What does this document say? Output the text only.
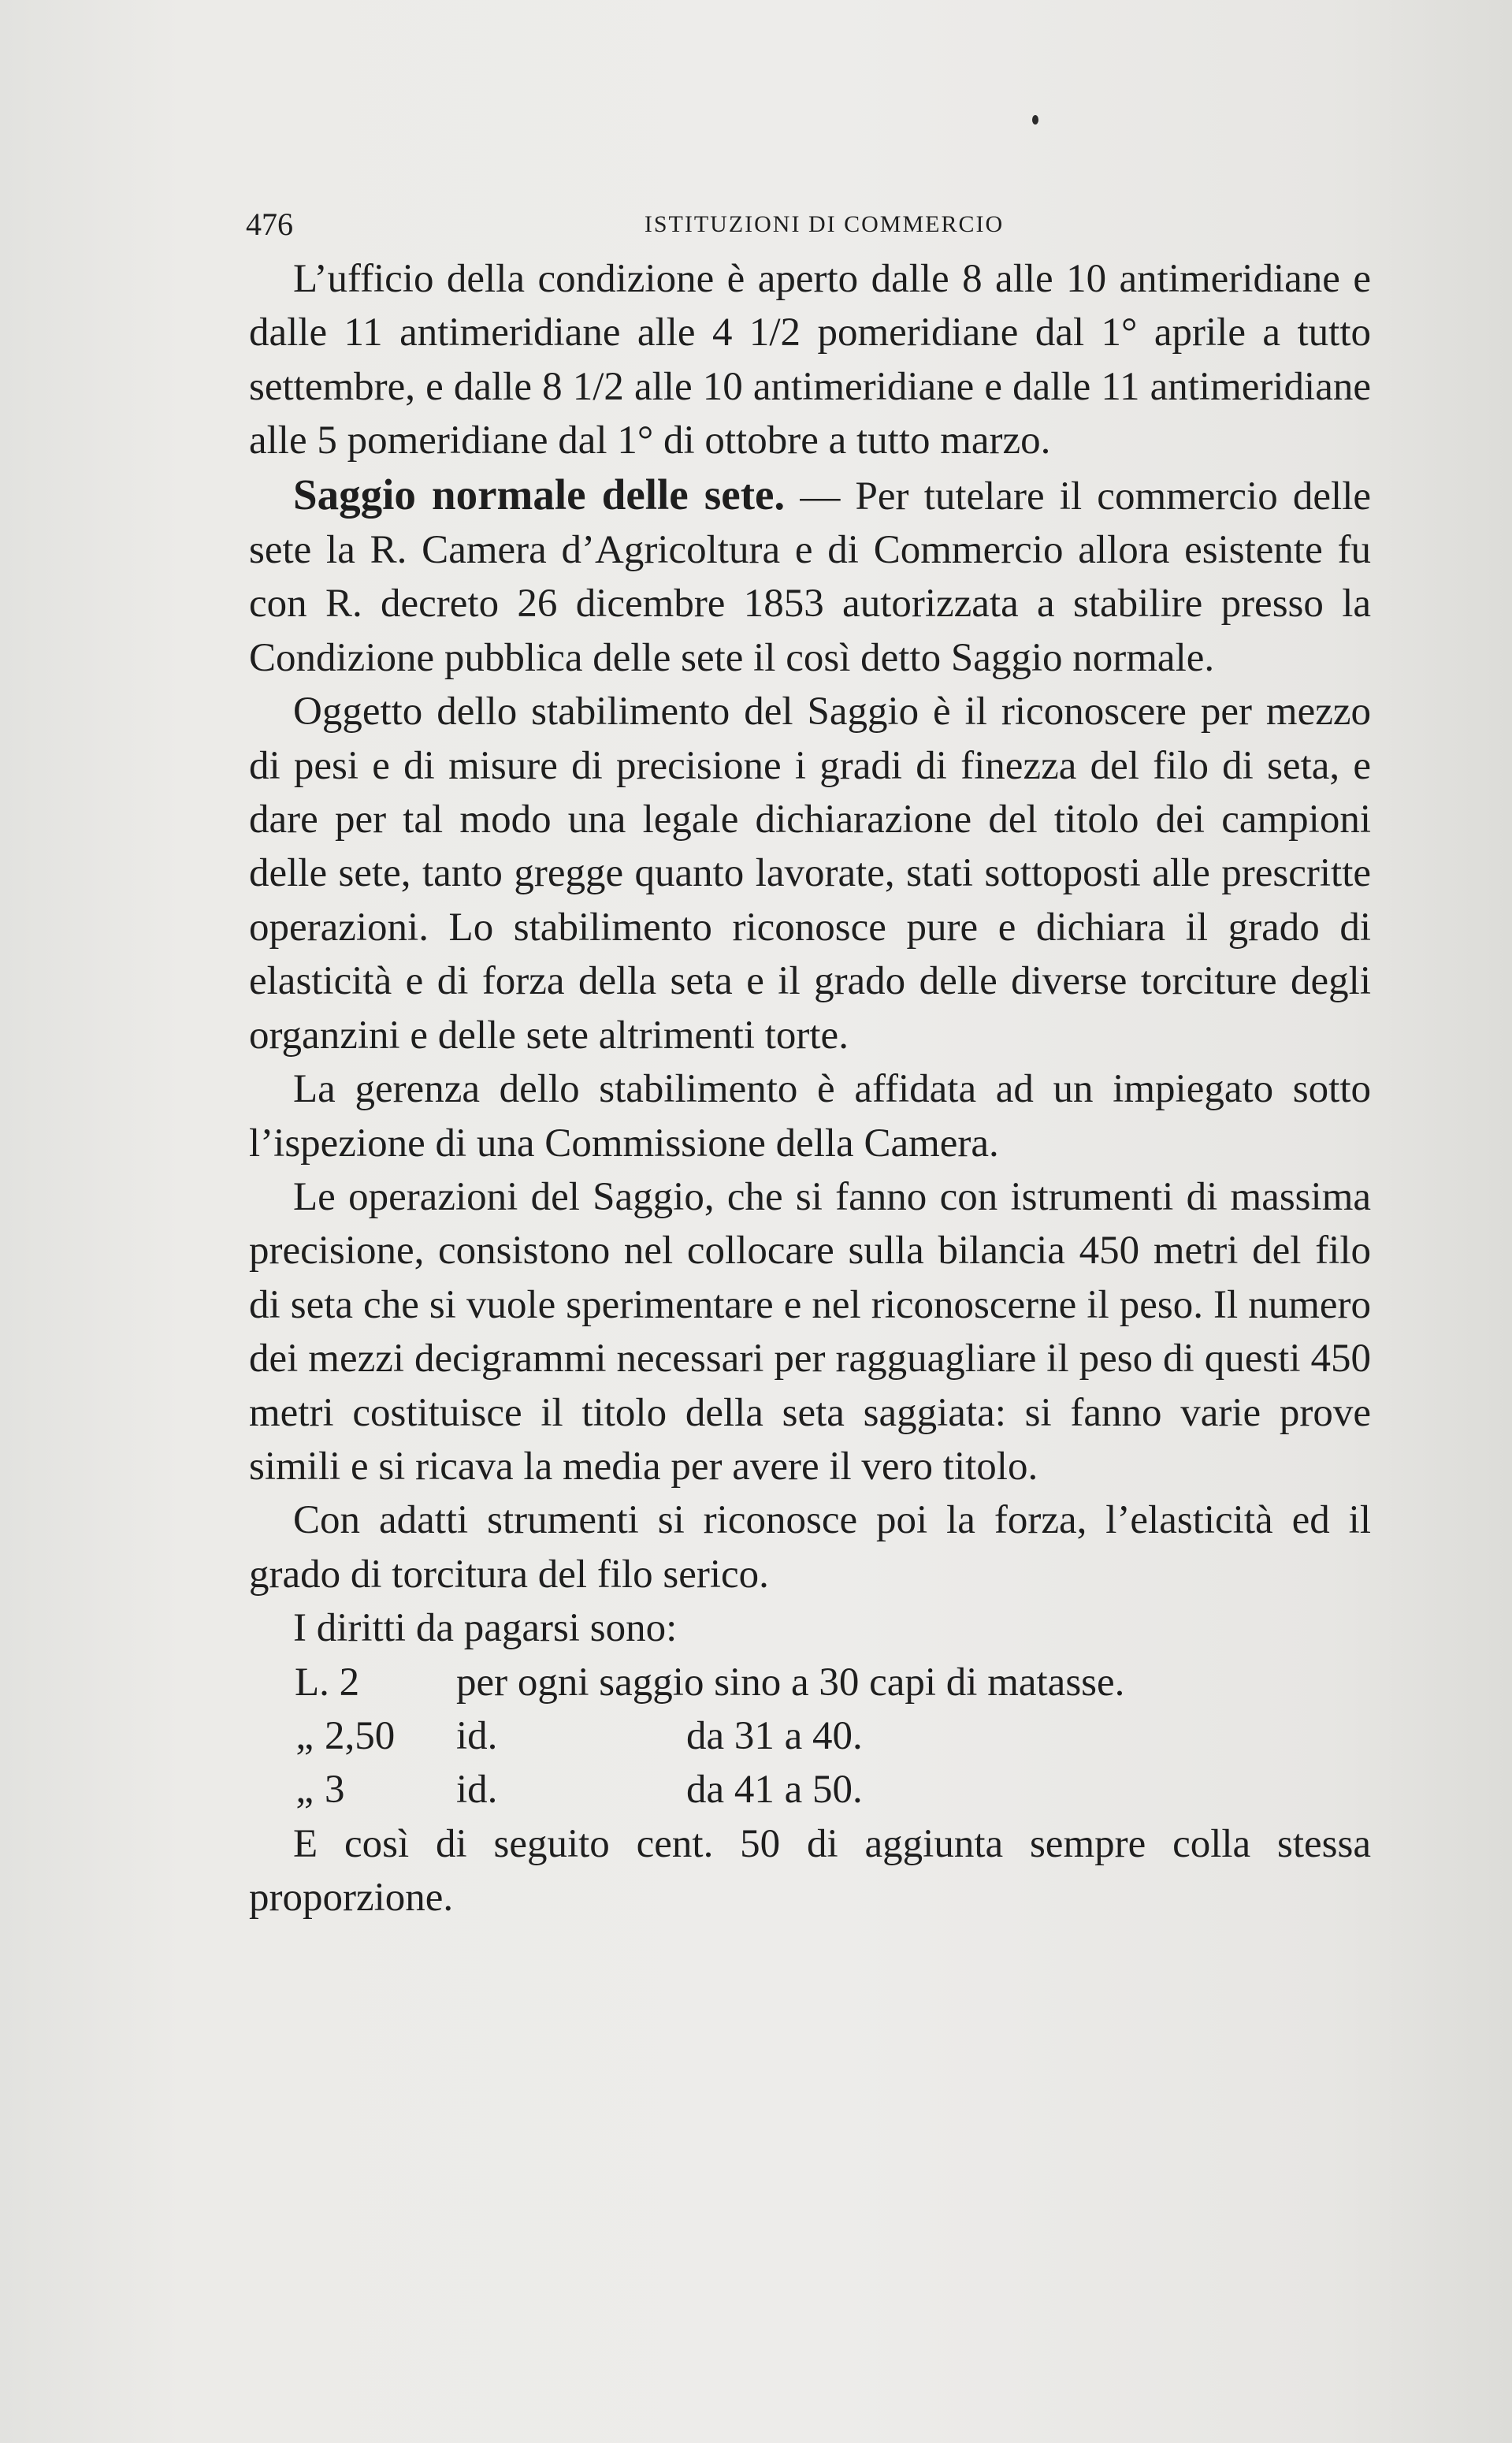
476	ISTITUZIONI DI COMMERCIO

L’ufficio della condizione è aperto dalle 8 alle 10 antimeridiane e dalle 11 antimeridiane alle 4 1/2 pomeridiane dal 1° aprile a tutto settembre, e dalle 8 1/2 alle 10 antimeridiane e dalle 11 antimeridiane alle 5 pomeridiane dal 1° di ottobre a tutto marzo.

Saggio normale delle sete. — Per tutelare il commercio delle sete la R. Camera d’Agricoltura e di Commercio allora esistente fu con R. decreto 26 dicembre 1853 autorizzata a stabilire presso la Condizione pubblica delle sete il così detto Saggio normale.

Oggetto dello stabilimento del Saggio è il riconoscere per mezzo di pesi e di misure di precisione i gradi di finezza del filo di seta, e dare per tal modo una legale dichiarazione del titolo dei campioni delle sete, tanto gregge quanto lavorate, stati sottoposti alle prescritte operazioni. Lo stabilimento riconosce pure e dichiara il grado di elasticità e di forza della seta e il grado delle diverse torciture degli organzini e delle sete altrimenti torte.

La gerenza dello stabilimento è affidata ad un impiegato sotto l’ispezione di una Commissione della Camera.

Le operazioni del Saggio, che si fanno con istrumenti di massima precisione, consistono nel collocare sulla bilancia 450 metri del filo di seta che si vuole sperimentare e nel riconoscerne il peso. Il numero dei mezzi decigrammi necessari per ragguagliare il peso di questi 450 metri costituisce il titolo della seta saggiata: si fanno varie prove simili e si ricava la media per avere il vero titolo.

Con adatti strumenti si riconosce poi la forza, l’elasticità ed il grado di torcitura del filo serico.

I diritti da pagarsi sono:

L. 2	per ogni saggio sino a 30 capi di matasse.	
„ 2,50	id.	da 31 a 40.
„ 3	id.	da 41 a 50.

E così di seguito cent. 50 di aggiunta sempre colla stessa proporzione.
